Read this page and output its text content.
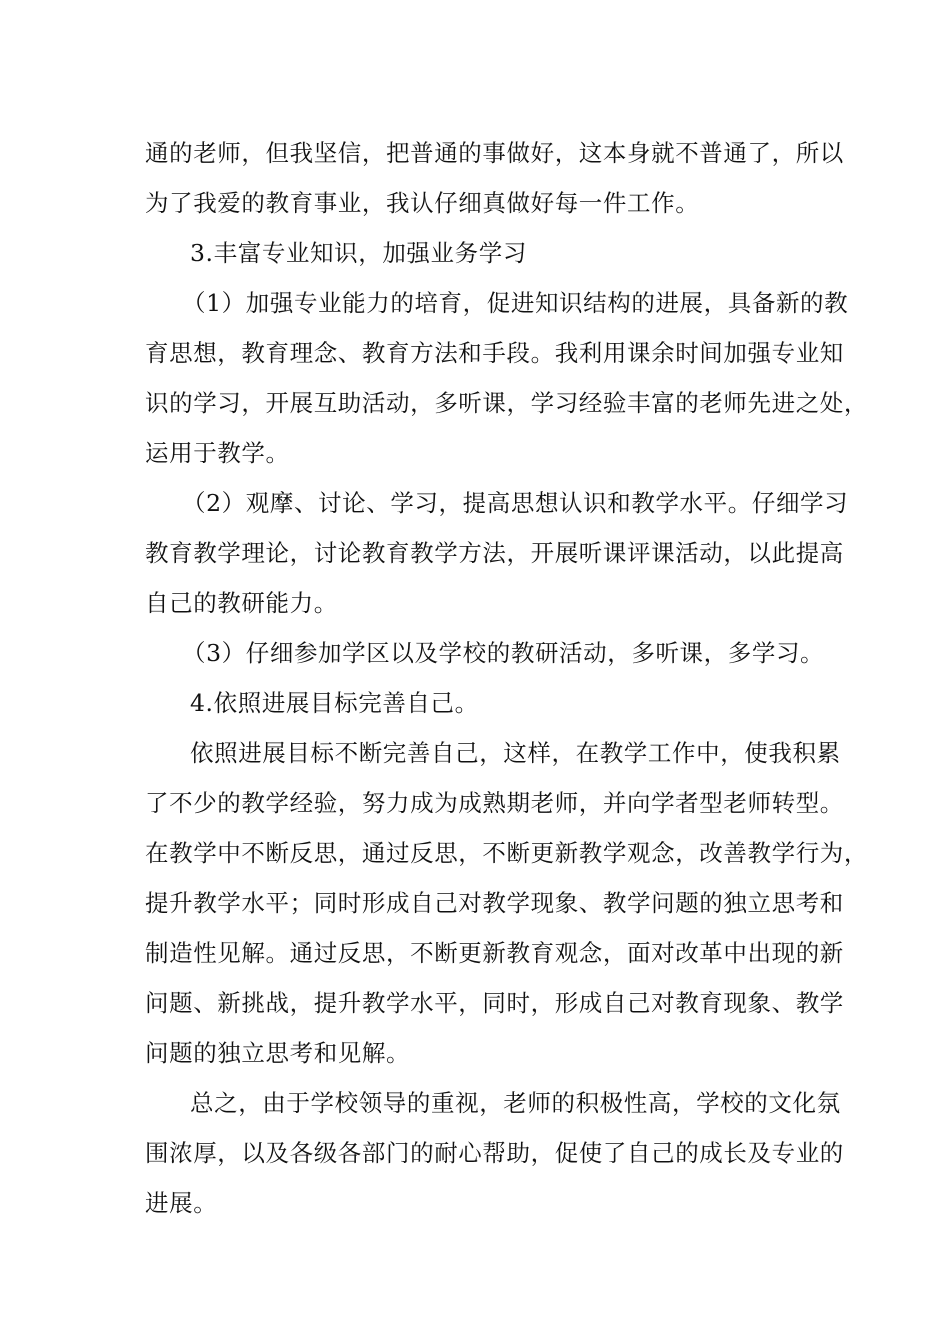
通的老师，但我坚信，把普通的事做好，这本身就不普通了，所以
为了我爱的教育事业，我认仔细真做好每一件工作。
3.丰富专业知识，加强业务学习
（1）加强专业能力的培育，促进知识结构的进展，具备新的教
育思想，教育理念、教育方法和手段。我利用课余时间加强专业知
识的学习，开展互助活动，多听课，学习经验丰富的老师先进之处，
运用于教学。
（2）观摩、讨论、学习，提高思想认识和教学水平。仔细学习
教育教学理论，讨论教育教学方法，开展听课评课活动，以此提高
自己的教研能力。
（3）仔细参加学区以及学校的教研活动，多听课，多学习。
4.依照进展目标完善自己。
依照进展目标不断完善自己，这样，在教学工作中，使我积累
了不少的教学经验，努力成为成熟期老师，并向学者型老师转型。
在教学中不断反思，通过反思，不断更新教学观念，改善教学行为，
提升教学水平；同时形成自己对教学现象、教学问题的独立思考和
制造性见解。通过反思，不断更新教育观念，面对改革中出现的新
问题、新挑战，提升教学水平，同时，形成自己对教育现象、教学
问题的独立思考和见解。
总之，由于学校领导的重视，老师的积极性高，学校的文化氛
围浓厚，以及各级各部门的耐心帮助，促使了自己的成长及专业的
进展。
